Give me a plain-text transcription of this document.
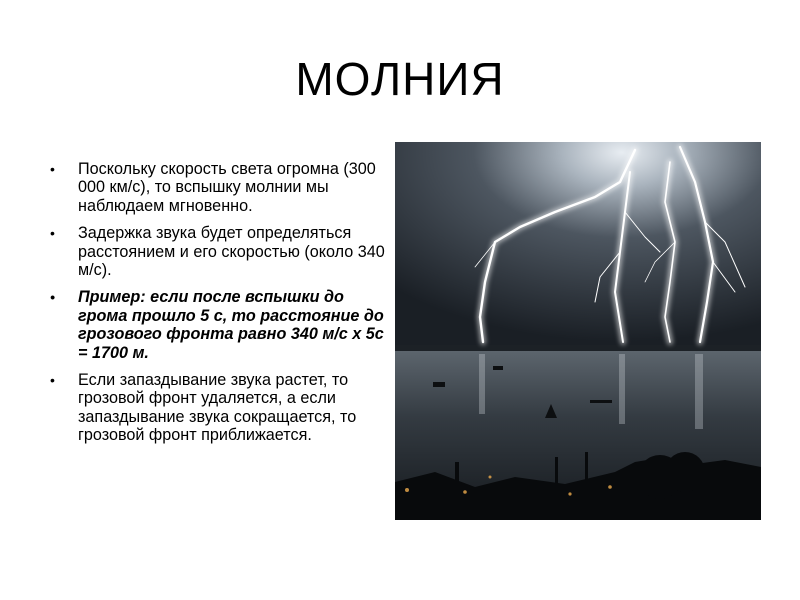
МОЛНИЯ
• Поскольку скорость света огромна (300 000 км/с), то вспышку молнии мы наблюдаем мгновенно.
• Задержка звука будет определяться расстоянием и его скоростью (около 340 м/с).
• Пример: если после вспышки до грома прошло 5 с, то расстояние до грозового фронта равно 340 м/с х 5с = 1700 м.
• Если запаздывание звука растет, то грозовой фронт удаляется, а если запаздывание звука сокращается, то грозовой фронт приближается.
